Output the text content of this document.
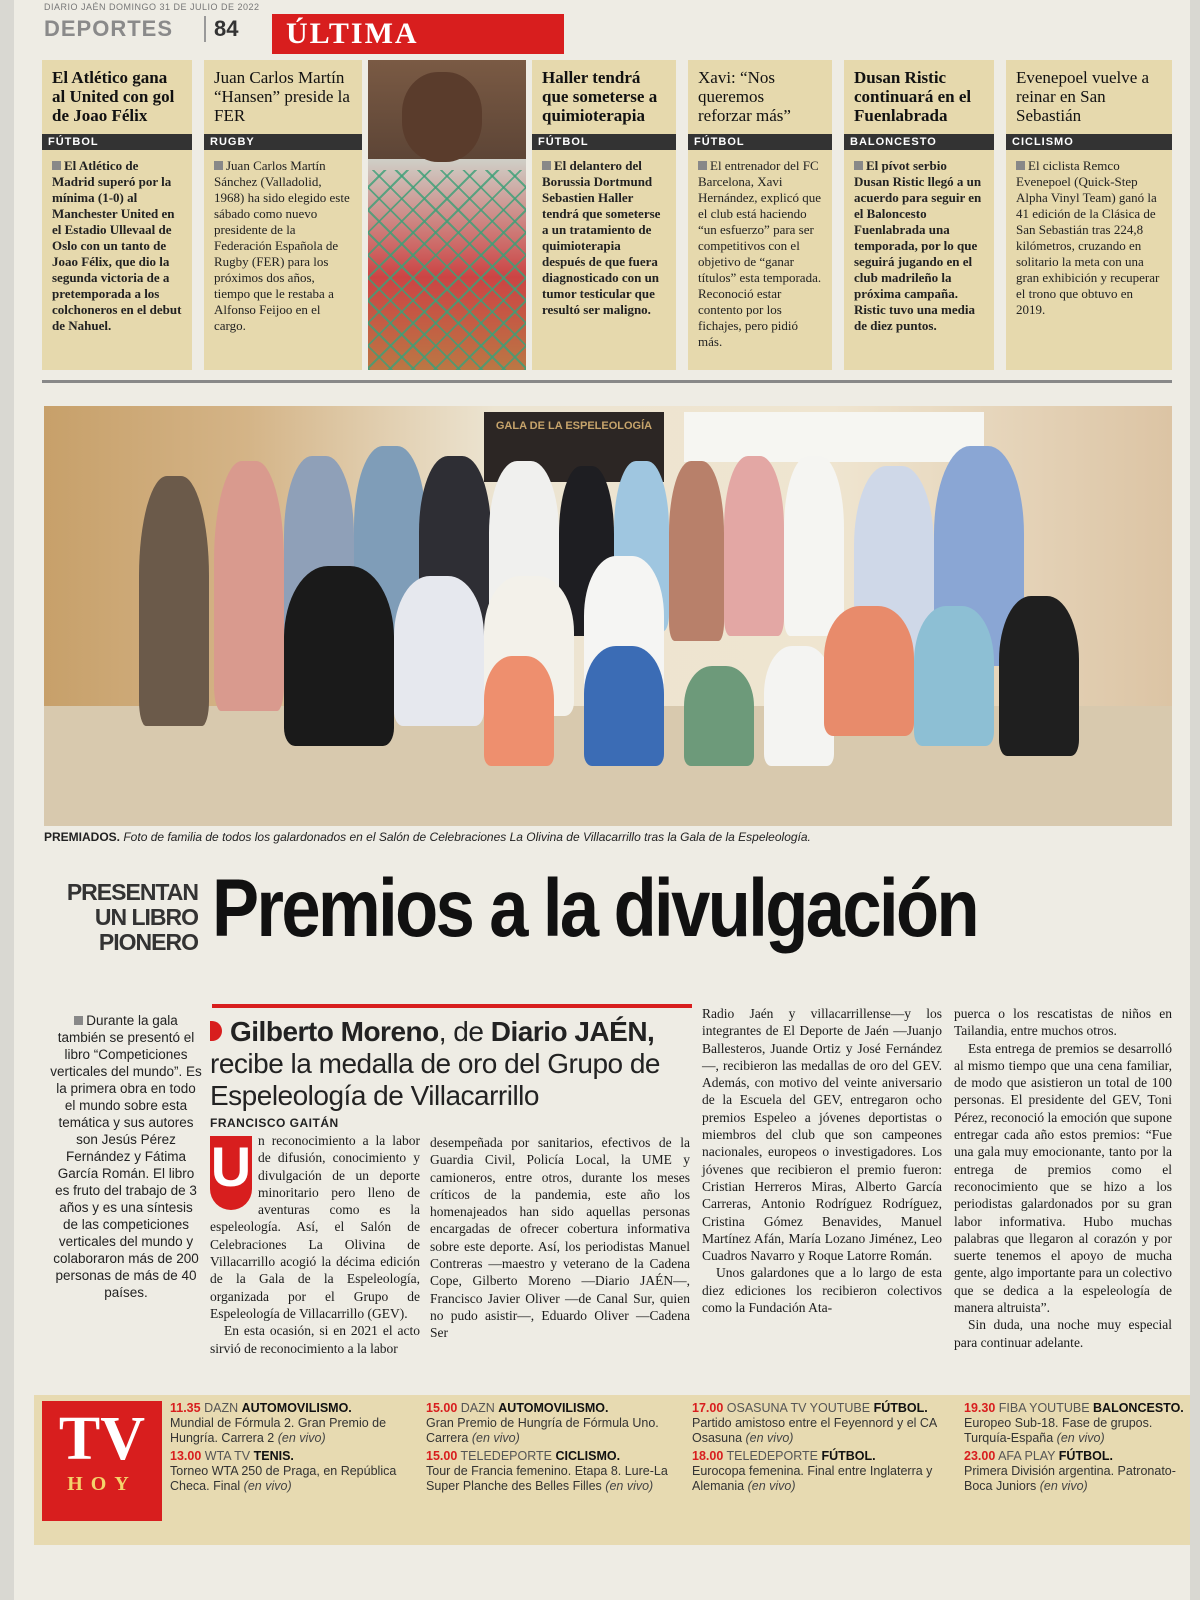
DIARIO JAÉN DOMINGO 31 DE JULIO DE 2022
DEPORTES	84	ÚLTIMA
El Atlético gana al United con gol de Joao Félix
FÚTBOL

El Atlético de Madrid superó por la mínima (1-0) al Manchester United en el Estadio Ullevaal de Oslo con un tanto de Joao Félix, que dio la segunda victoria de a pretemporada a los colchoneros en el debut de Nahuel.

Juan Carlos Martín “Hansen” preside la FER
RUGBY

Juan Carlos Martín Sánchez (Valladolid, 1968) ha sido elegido este sábado como nuevo presidente de la Federación Española de Rugby (FER) para los próximos dos años, tiempo que le restaba a Alfonso Feijoo en el cargo.

Haller tendrá que someterse a quimioterapia
FÚTBOL

El delantero del Borussia Dortmund Sebastien Haller tendrá que someterse a un tratamiento de quimioterapia después de que fuera diagnosticado con un tumor testicular que resultó ser maligno.

Xavi: “Nos queremos reforzar más”
FÚTBOL

El entrenador del FC Barcelona, Xavi Hernández, explicó que el club está haciendo “un esfuerzo” para ser competitivos con el objetivo de “ganar títulos” esta temporada. Reconoció estar contento por los fichajes, pero pidió más.

Dusan Ristic continuará en el Fuenlabrada
BALONCESTO

El pívot serbio Dusan Ristic llegó a un acuerdo para seguir en el Baloncesto Fuenlabrada una temporada, por lo que seguirá jugando en el club madrileño la próxima campaña. Ristic tuvo una media de diez puntos.

Evenepoel vuelve a reinar en San Sebastián
CICLISMO

El ciclista Remco Evenepoel (Quick-Step Alpha Vinyl Team) ganó la 41 edición de la Clásica de San Sebastián tras 224,8 kilómetros, cruzando en solitario la meta con una gran exhibición y recuperar el trono que obtuvo en 2019.

GALA DE LA ESPELEOLOGÍA
PREMIADOS. Foto de familia de todos los galardonados en el Salón de Celebraciones La Olivina de Villacarrillo tras la Gala de la Espeleología.
PRESENTAN UN LIBRO PIONERO Premios a la divulgación
Durante la gala también se presentó el libro “Competiciones verticales del mundo”. Es la primera obra en todo el mundo sobre esta temática y sus autores son Jesús Pérez Fernández y Fátima García Román. El libro es fruto del trabajo de 3 años y es una síntesis de las competiciones verticales del mundo y colaboraron más de 200 personas de más de 40 países.
Gilberto Moreno, de Diario JAÉN, recibe la medalla de oro del Grupo de Espeleología de Villacarrillo
FRANCISCO GAITÁN
U n reconocimiento a la labor de difusión, conocimiento y divulgación de un deporte minoritario pero lleno de aventuras como es la espeleología. Así, el Salón de Celebraciones La Olivina de Villacarrillo acogió la décima edición de la Gala de la Espeleología, organizada por el Grupo de Espeleología de Villacarrillo (GEV).

En esta ocasión, si en 2021 el acto sirvió de reconocimiento a la labor

desempeñada por sanitarios, efectivos de la Guardia Civil, Policía Local, la UME y camioneros, entre otros, durante los meses críticos de la pandemia, este año los homenajeados han sido aquellas personas encargadas de ofrecer cobertura informativa sobre este deporte. Así, los periodistas Manuel Contreras —maestro y veterano de la Cadena Cope, Gilberto Moreno —Diario JAÉN—, Francisco Javier Oliver —de Canal Sur, quien no pudo asistir—, Eduardo Oliver —Cadena Ser
Radio Jaén y villacarrillense—y los integrantes de El Deporte de Jaén —Juanjo Ballesteros, Juande Ortiz y José Fernández—, recibieron las medallas de oro del GEV. Además, con motivo del veinte aniversario de la Escuela del GEV, entregaron ocho premios Espeleo a jóvenes deportistas o miembros del club que son campeones nacionales, europeos o investigadores. Los jóvenes que recibieron el premio fueron: Cristian Herreros Miras, Alberto García Carreras, Antonio Rodríguez Rodríguez, Cristina Gómez Benavides, Manuel Martínez Afán, María Lozano Jiménez, Leo Cuadros Navarro y Roque Latorre Román.

Unos galardones que a lo largo de esta diez ediciones los recibieron colectivos como la Fundación Ata-

puerca o los rescatistas de niños en Tailandia, entre muchos otros.

Esta entrega de premios se desarrolló al mismo tiempo que una cena familiar, de modo que asistieron un total de 100 personas. El presidente del GEV, Toni Pérez, reconoció la emoción que supone entregar cada año estos premios: “Fue una gala muy emocionante, tanto por la entrega de premios como el reconocimiento que se hizo a los periodistas galardonados por su gran labor informativa. Hubo muchas palabras que llegaron al corazón y por suerte tenemos el apoyo de mucha gente, algo importante para un colectivo que se dedica a la espeleología de manera altruista”.

Sin duda, una noche muy especial para continuar adelante.

TV
HOY
11.35 DAZN AUTOMOVILISMO.
Mundial de Fórmula 2. Gran Premio de Hungría. Carrera 2 (en vivo)
13.00 WTA TV TENIS.
Torneo WTA 250 de Praga, en República Checa. Final (en vivo)
15.00 DAZN AUTOMOVILISMO.
Gran Premio de Hungría de Fórmula Uno. Carrera (en vivo)
15.00 TELEDEPORTE CICLISMO.
Tour de Francia femenino. Etapa 8. Lure-La Super Planche des Belles Filles (en vivo)
17.00 OSASUNA TV YOUTUBE FÚTBOL.
Partido amistoso entre el Feyennord y el CA Osasuna (en vivo)
18.00 TELEDEPORTE FÚTBOL.
Eurocopa femenina. Final entre Inglaterra y Alemania (en vivo)
19.30 FIBA YOUTUBE BALONCESTO.
Europeo Sub-18. Fase de grupos. Turquía-España (en vivo)
23.00 AFA PLAY FÚTBOL.
Primera División argentina. Patronato-Boca Juniors (en vivo)
